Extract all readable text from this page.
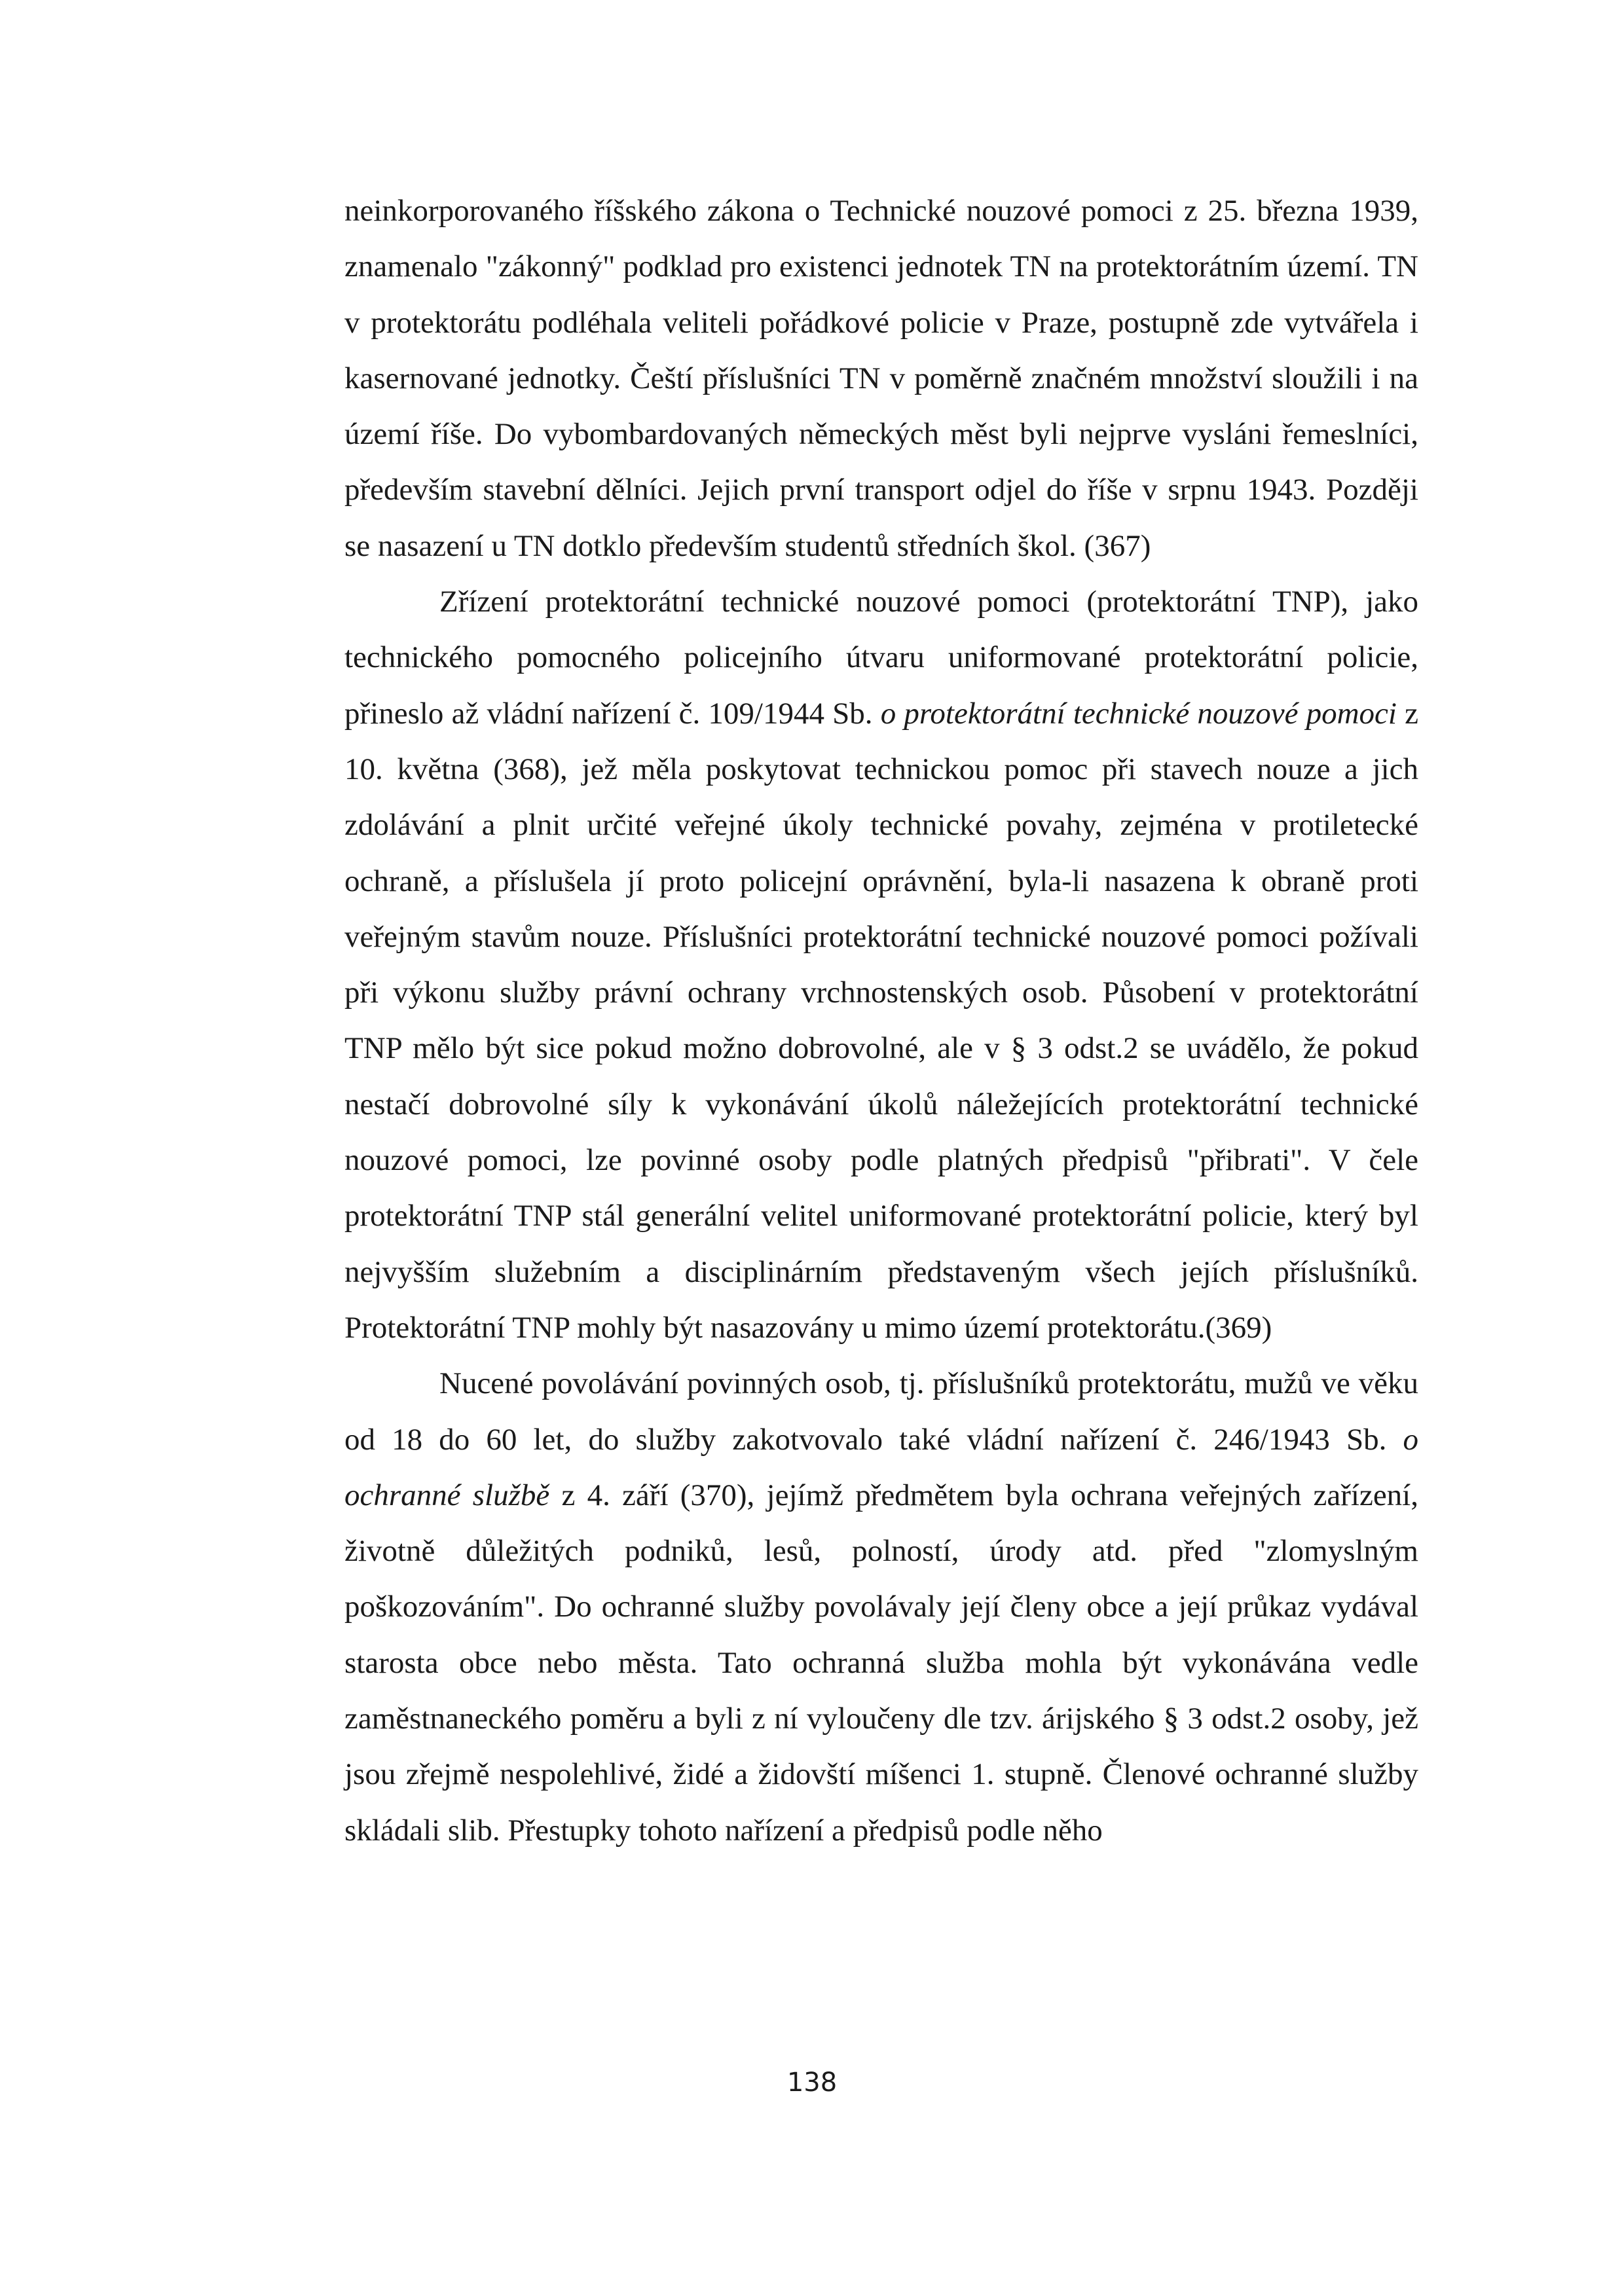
neinkorporovaného říšského zákona o Technické nouzové pomoci z 25. března 1939, znamenalo "zákonný" podklad pro existenci jednotek TN na protektorátním území. TN v protektorátu podléhala veliteli pořádkové policie v Praze, postupně zde vytvářela i kasernované jednotky. Čeští příslušníci TN v poměrně značném množství sloužili i na území říše. Do vybombardovaných německých měst byli nejprve vysláni řemeslníci, především stavební dělníci. Jejich první transport odjel do říše v srpnu 1943. Později se nasazení u TN dotklo především studentů středních škol. (367)

Zřízení protektorátní technické nouzové pomoci (protektorátní TNP), jako technického pomocného policejního útvaru uniformované protektorátní policie, přineslo až vládní nařízení č. 109/1944 Sb. o protektorátní technické nouzové pomoci z 10. května (368), jež měla poskytovat technickou pomoc při stavech nouze a jich zdolávání a plnit určité veřejné úkoly technické povahy, zejména v protiletecké ochraně, a příslušela jí proto policejní oprávnění, byla-li nasazena k obraně proti veřejným stavům nouze. Příslušníci protektorátní technické nouzové pomoci požívali při výkonu služby právní ochrany vrchnostenských osob. Působení v protektorátní TNP mělo být sice pokud možno dobrovolné, ale v § 3 odst.2 se uvádělo, že pokud nestačí dobrovolné síly k vykonávání úkolů náležejících protektorátní technické nouzové pomoci, lze povinné osoby podle platných předpisů "přibrati". V čele protektorátní TNP stál generální velitel uniformované protektorátní policie, který byl nejvyšším služebním a disciplinárním představeným všech jejích příslušníků. Protektorátní TNP mohly být nasazovány u mimo území protektorátu.(369)

Nucené povolávání povinných osob, tj. příslušníků protektorátu, mužů ve věku od 18 do 60 let, do služby zakotvovalo také vládní nařízení č. 246/1943 Sb. o ochranné službě z 4. září (370), jejímž předmětem byla ochrana veřejných zařízení, životně důležitých podniků, lesů, polností, úrody atd. před "zlomyslným poškozováním". Do ochranné služby povolávaly její členy obce a její průkaz vydával starosta obce nebo města. Tato ochranná služba mohla být vykonávána vedle zaměstnaneckého poměru a byli z ní vyloučeny dle tzv. árijského § 3 odst.2 osoby, jež jsou zřejmě nespolehlivé, židé a židovští míšenci 1. stupně. Členové ochranné služby skládali slib. Přestupky tohoto nařízení a předpisů podle něho

138
